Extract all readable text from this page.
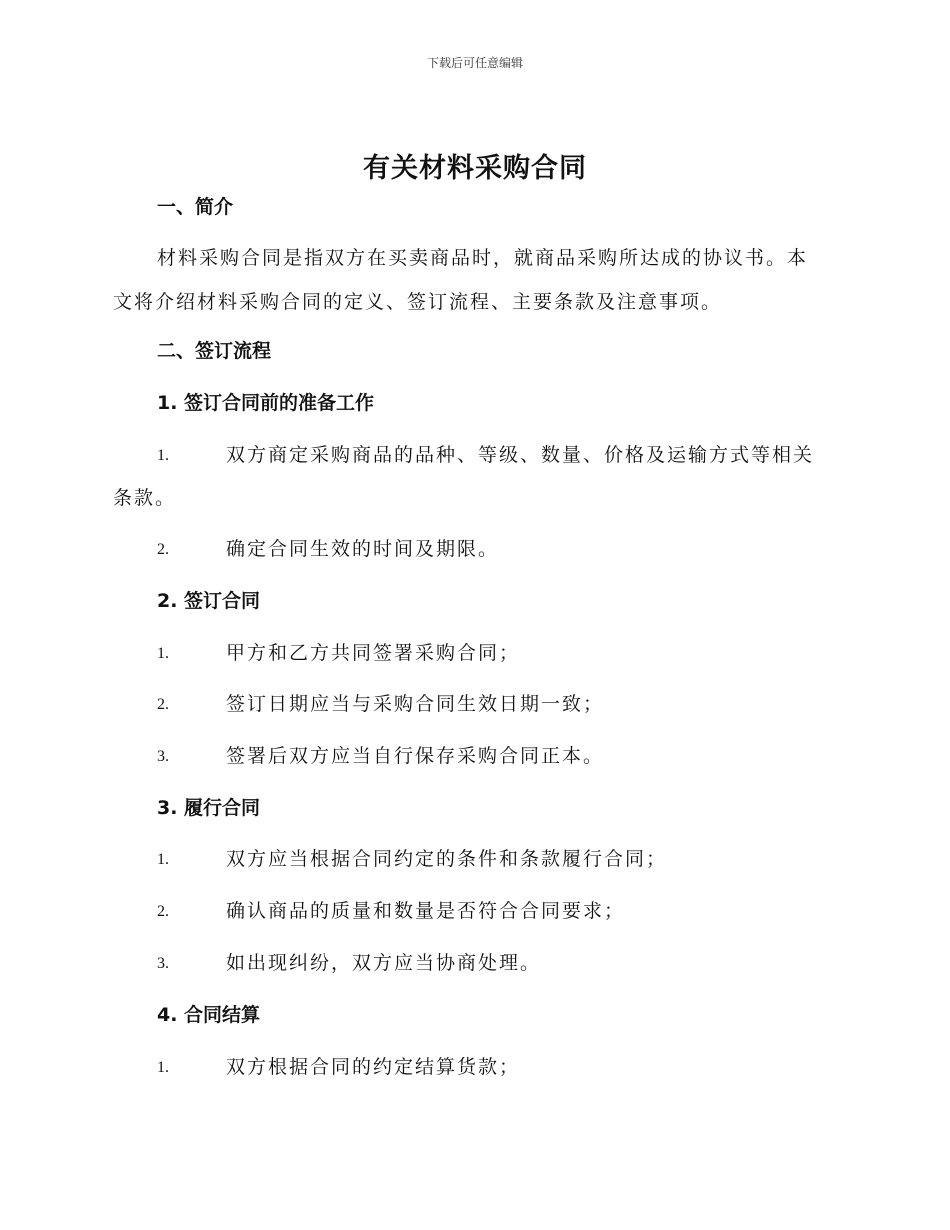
下载后可任意编辑
有关材料采购合同
一、简介
材料采购合同是指双方在买卖商品时，就商品采购所达成的协议书。本
文将介绍材料采购合同的定义、签订流程、主要条款及注意事项。
二、签订流程
1. 签订合同前的准备工作
1.	双方商定采购商品的品种、等级、数量、价格及运输方式等相关
条款。
2.	确定合同生效的时间及期限。
2. 签订合同
1.	甲方和乙方共同签署采购合同；
2.	签订日期应当与采购合同生效日期一致；
3.	签署后双方应当自行保存采购合同正本。
3. 履行合同
1.	双方应当根据合同约定的条件和条款履行合同；
2.	确认商品的质量和数量是否符合合同要求；
3.	如出现纠纷，双方应当协商处理。
4. 合同结算
1.	双方根据合同的约定结算货款；
